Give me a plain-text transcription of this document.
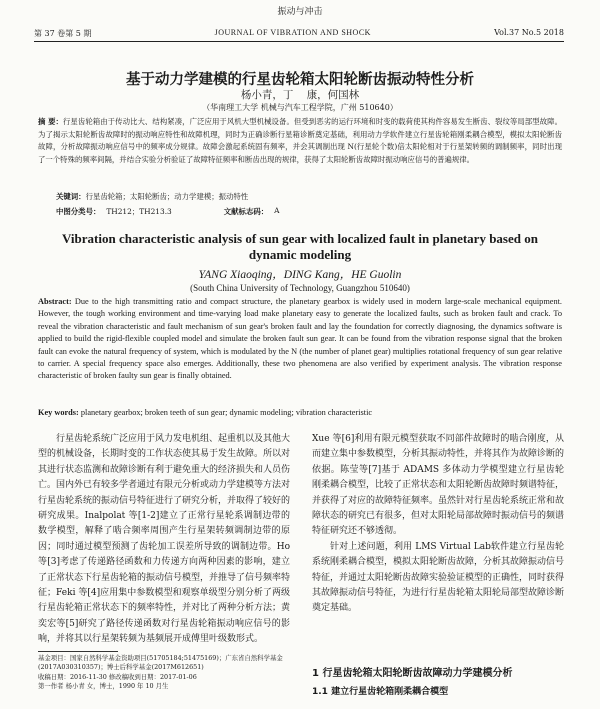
振动与冲击
第 37 卷第 5 期	JOURNAL OF VIBRATION AND SHOCK	Vol.37 No.5 2018
基于动力学建模的行星齿轮箱太阳轮断齿振动特性分析
杨小青，丁 康，何国林
（华南理工大学 机械与汽车工程学院，广州 510640）
摘 要：行星齿轮箱由于传动比大、结构紧凑，广泛应用于风机大型机械设备。但受到恶劣的运行环境和时变的载荷使其构件容易发生断齿、裂纹等局部型故障。为了揭示太阳轮断齿故障时的振动响应特性和故障机理，同时为正确诊断行星箱诊断奠定基础，利用动力学软件建立行星齿轮箱刚柔耦合模型，模拟太阳轮断齿故障，分析故障振动响应信号中的频率成分规律。故障会激起系统固有频率，并会其调制出现 N(行星轮个数)倍太阳轮相对于行星架转频的调制频率，同时出现了一个特殊的频率间隔，并结合实验分析验证了故障特征频率和断齿出现的规律，获得了太阳轮断齿故障时振动响应信号的普遍规律。
关键词：行星齿轮箱；太阳轮断齿；动力学建模；振动特性
中图分类号： TH212；TH213.3	文献标志码： A
Vibration characteristic analysis of sun gear with localized fault in planetary based on dynamic modeling
YANG Xiaoqing，DING Kang，HE Guolin
(South China University of Technology, Guangzhou 510640)
Abstract: Due to the high transmitting ratio and compact structure, the planetary gearbox is widely used in modern large-scale mechanical equipment. However, the tough working environment and time-varying load make planetary easy to generate the localized faults, such as broken fault and crack. To reveal the vibration characteristic and fault mechanism of sun gear's broken fault and lay the foundation for correctly diagnosing, the dynamics software is applied to build the rigid-flexible coupled model and simulate the broken fault sun gear. It can be found from the vibration response signal that the broken fault can evoke the natural frequency of system, which is modulated by the N (the number of planet gear) multiplies rotational frequency of sun gear relative to carrier. A special frequency space also emerges. Additionally, these two phenomena are also verified by experiment analysis. The vibration response characteristic of broken faulty sun gear is finally obtained.
Key words: planetary gearbox; broken teeth of sun gear; dynamic modeling; vibration characteristic
行星齿轮系统广泛应用于风力发电机组、起重机以及其他大型的机械设备，长期时变的工作状态使其易于发生故障。所以对其进行状态监测和故障诊断有利于避免重大的经济损失和人员伤亡。国内外已有较多学者通过有限元分析或动力学建模等方法对行星齿轮系统的振动信号特征进行了研究分析，并取得了较好的研究成果。Inalpolat 等[1-2]建立了正常行星轮系调制边带的数学模型，解释了啮合频率周围产生行星架转频调制边带的原因；同时通过模型预测了齿轮加工误差所导致的调制边带。Ho 等[3]考虑了传递路径函数和力传递方向两种因素的影响，建立了正常状态下行星齿轮箱的振动信号模型，并推导了信号频率特征；Feki 等[4]应用集中参数模型和观察单级型分别分析了两级行星齿轮箱正常状态下的频率特性，并对比了两种分析方法；黄奕宏等[5]研究了路径传递函数对行星齿轮箱振动响应信号的影响，并将其以行星架转频为基频展开成傅里叶级数形式。
Xue 等[6]利用有限元模型获取不同部件故障时的啮合刚度，从而建立集中参数模型，分析其振动特性，并将其作为故障诊断的依据。陈莹等[7]基于 ADAMS 多体动力学模型建立行星齿轮刚柔耦合模型，比较了正常状态和太阳轮断齿故障时频谱特征，并获得了对应的故障特征频率。虽然针对行星齿轮系统正常和故障状态的研究已有很多，但对太阳轮局部故障时振动信号的频谱特征研究还不够透彻。
针对上述问题，利用 LMS Virtual Lab软件建立行星齿轮系统刚柔耦合模型，模拟太阳轮断齿故障，分析其故障振动信号特征，并通过太阳轮断齿故障实验验证模型的正确性，同时获得其故障振动信号特征，为进行行星齿轮箱太阳轮局部型故障诊断奠定基础。
基金项目：国家自然科学基金资助项目(51705184;51475169)；广东省自然科学基金(2017A030310357)；博士后科学基金(2017M612651)
收稿日期：2016-11-30 修改稿收到日期：2017-01-06
第一作者 杨小青 女，博士，1990 年 10 月生
1 行星齿轮箱太阳轮断齿故障动力学建模分析
1.1 建立行星齿轮箱刚柔耦合模型
